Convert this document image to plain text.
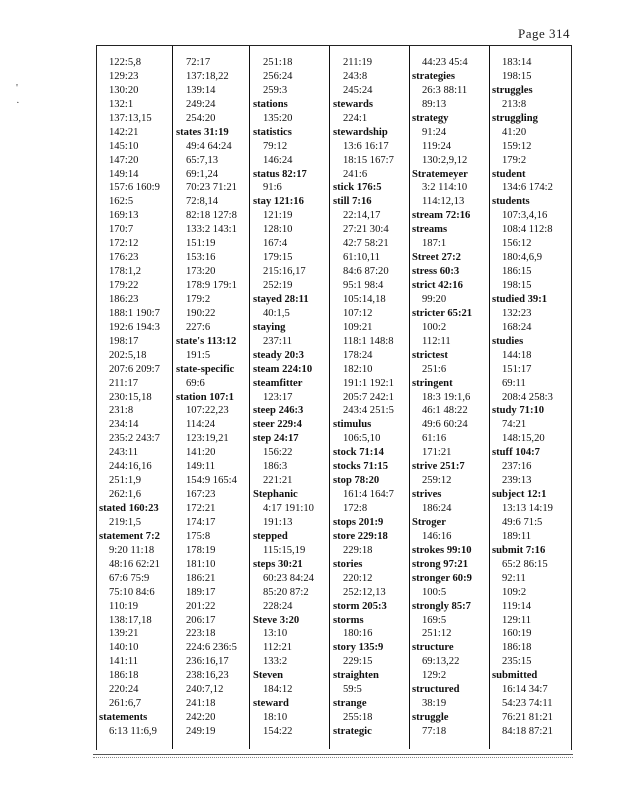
Page 314
'
·
122:5,8
129:23
130:20
132:1
137:13,15
142:21
145:10
147:20
149:14
157:6 160:9
162:5
169:13
170:7
172:12
176:23
178:1,2
179:22
186:23
188:1 190:7
192:6 194:3
198:17
202:5,18
207:6 209:7
211:17
230:15,18
231:8
234:14
235:2 243:7
243:11
244:16,16
251:1,9
262:1,6
stated 160:23
219:1,5
statement 7:2
9:20 11:18
48:16 62:21
67:6 75:9
75:10 84:6
110:19
138:17,18
139:21
140:10
141:11
186:18
220:24
261:6,7
statements
6:13 11:6,9
72:17
137:18,22
139:14
249:24
254:20
states 31:19
49:4 64:24
65:7,13
69:1,24
70:23 71:21
72:8,14
82:18 127:8
133:2 143:1
151:19
153:16
173:20
178:9 179:1
179:2
190:22
227:6
state's 113:12
191:5
state-specific
69:6
station 107:1
107:22,23
114:24
123:19,21
141:20
149:11
154:9 165:4
167:23
172:21
174:17
175:8
178:19
181:10
186:21
189:17
201:22
206:17
223:18
224:6 236:5
236:16,17
238:16,23
240:7,12
241:18
242:20
249:19
251:18
256:24
259:3
stations
135:20
statistics
79:12
146:24
status 82:17
91:6
stay 121:16
121:19
128:10
167:4
179:15
215:16,17
252:19
stayed 28:11
40:1,5
staying
237:11
steady 20:3
steam 224:10
steamfitter
123:17
steep 246:3
steer 229:4
step 24:17
156:22
186:3
221:21
Stephanic
4:17 191:10
191:13
stepped
115:15,19
steps 30:21
60:23 84:24
85:20 87:2
228:24
Steve 3:20
13:10
112:21
133:2
Steven
184:12
steward
18:10
154:22
211:19
243:8
245:24
stewards
224:1
stewardship
13:6 16:17
18:15 167:7
241:6
stick 176:5
still 7:16
22:14,17
27:21 30:4
42:7 58:21
61:10,11
84:6 87:20
95:1 98:4
105:14,18
107:12
109:21
118:1 148:8
178:24
182:10
191:1 192:1
205:7 242:1
243:4 251:5
stimulus
106:5,10
stock 71:14
stocks 71:15
stop 78:20
161:4 164:7
172:8
stops 201:9
store 229:18
229:18
stories
220:12
252:12,13
storm 205:3
storms
180:16
story 135:9
229:15
straighten
59:5
strange
255:18
strategic
44:23 45:4
strategies
26:3 88:11
89:13
strategy
91:24
119:24
130:2,9,12
Stratemeyer
3:2 114:10
114:12,13
stream 72:16
streams
187:1
Street 27:2
stress 60:3
strict 42:16
99:20
stricter 65:21
100:2
112:11
strictest
251:6
stringent
18:3 19:1,6
46:1 48:22
49:6 60:24
61:16
171:21
strive 251:7
259:12
strives
186:24
Stroger
146:16
strokes 99:10
strong 97:21
stronger 60:9
100:5
strongly 85:7
169:5
251:12
structure
69:13,22
129:2
structured
38:19
struggle
77:18
183:14
198:15
struggles
213:8
struggling
41:20
159:12
179:2
student
134:6 174:2
students
107:3,4,16
108:4 112:8
156:12
180:4,6,9
186:15
198:15
studied 39:1
132:23
168:24
studies
144:18
151:17
69:11
208:4 258:3
study 71:10
74:21
148:15,20
stuff 104:7
237:16
239:13
subject 12:1
13:13 14:19
49:6 71:5
189:11
submit 7:16
65:2 86:15
92:11
109:2
119:14
129:11
160:19
186:18
235:15
submitted
16:14 34:7
54:23 74:11
76:21 81:21
84:18 87:21
